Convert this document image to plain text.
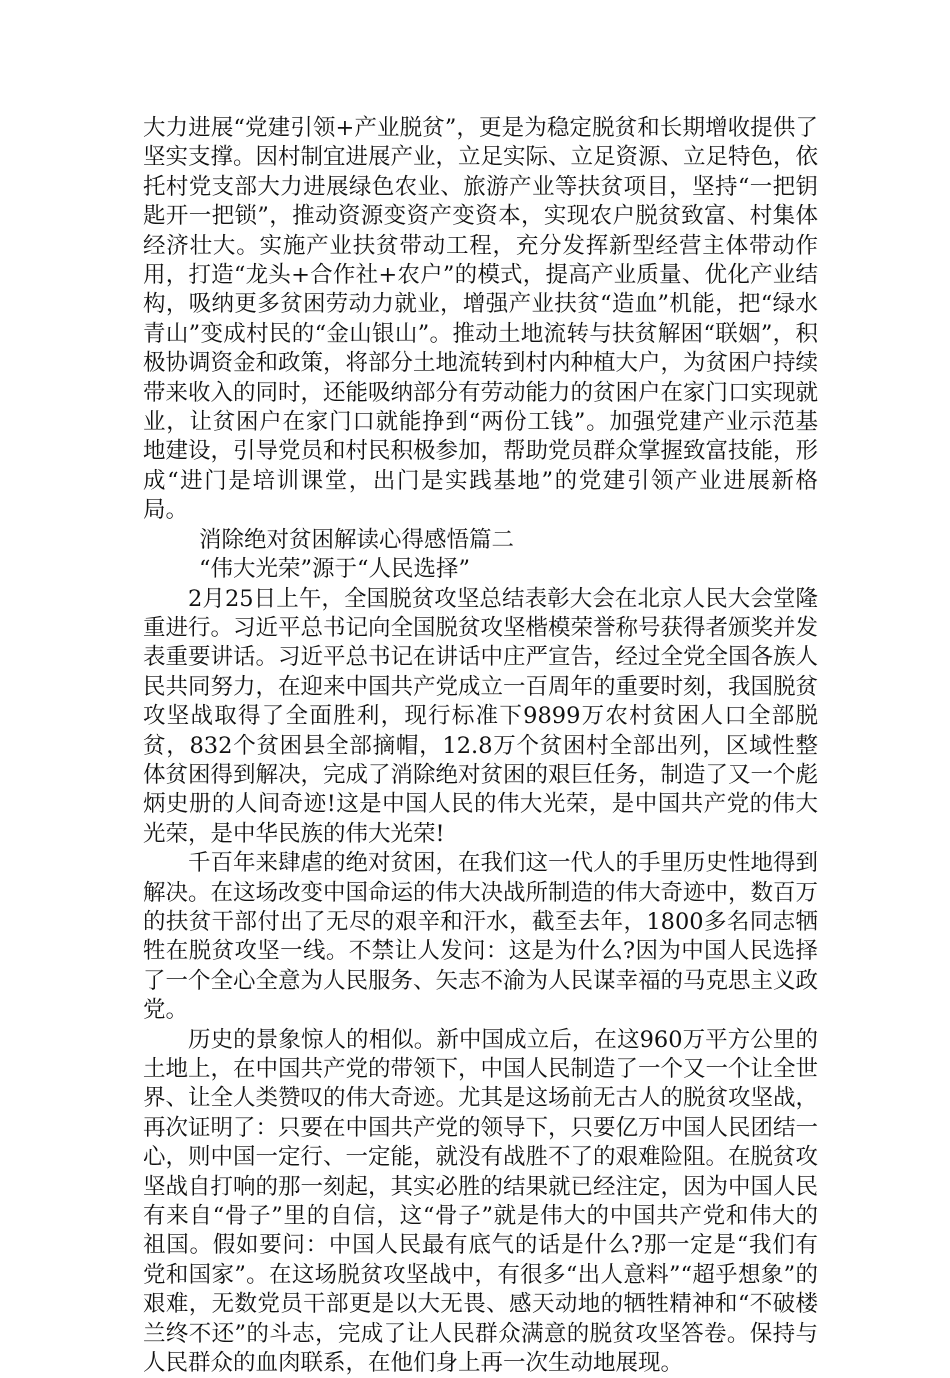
大力进展“党建引领+产业脱贫”，更是为稳定脱贫和长期增收提供了坚实支撑。因村制宜进展产业，立足实际、立足资源、立足特色，依托村党支部大力进展绿色农业、旅游产业等扶贫项目，坚持“一把钥匙开一把锁”，推动资源变资产变资本，实现农户脱贫致富、村集体经济壮大。实施产业扶贫带动工程，充分发挥新型经营主体带动作用，打造“龙头+合作社+农户”的模式，提高产业质量、优化产业结构，吸纳更多贫困劳动力就业，增强产业扶贫“造血”机能，把“绿水青山”变成村民的“金山银山”。推动土地流转与扶贫解困“联姻”，积极协调资金和政策，将部分土地流转到村内种植大户，为贫困户持续带来收入的同时，还能吸纳部分有劳动能力的贫困户在家门口实现就业，让贫困户在家门口就能挣到“两份工钱”。加强党建产业示范基地建设，引导党员和村民积极参加，帮助党员群众掌握致富技能，形成“进门是培训课堂，出门是实践基地”的党建引领产业进展新格局。

消除绝对贫困解读心得感悟篇二

“伟大光荣”源于“人民选择”

2月25日上午，全国脱贫攻坚总结表彰大会在北京人民大会堂隆重进行。习近平总书记向全国脱贫攻坚楷模荣誉称号获得者颁奖并发表重要讲话。习近平总书记在讲话中庄严宣告，经过全党全国各族人民共同努力，在迎来中国共产党成立一百周年的重要时刻，我国脱贫攻坚战取得了全面胜利，现行标准下9899万农村贫困人口全部脱贫，832个贫困县全部摘帽，12.8万个贫困村全部出列，区域性整体贫困得到解决，完成了消除绝对贫困的艰巨任务，制造了又一个彪炳史册的人间奇迹!这是中国人民的伟大光荣，是中国共产党的伟大光荣，是中华民族的伟大光荣!

千百年来肆虐的绝对贫困，在我们这一代人的手里历史性地得到解决。在这场改变中国命运的伟大决战所制造的伟大奇迹中，数百万的扶贫干部付出了无尽的艰辛和汗水，截至去年，1800多名同志牺牲在脱贫攻坚一线。不禁让人发问：这是为什么?因为中国人民选择了一个全心全意为人民服务、矢志不渝为人民谋幸福的马克思主义政党。

历史的景象惊人的相似。新中国成立后，在这960万平方公里的土地上，在中国共产党的带领下，中国人民制造了一个又一个让全世界、让全人类赞叹的伟大奇迹。尤其是这场前无古人的脱贫攻坚战，再次证明了：只要在中国共产党的领导下，只要亿万中国人民团结一心，则中国一定行、一定能，就没有战胜不了的艰难险阻。在脱贫攻坚战自打响的那一刻起，其实必胜的结果就已经注定，因为中国人民有来自“骨子”里的自信，这“骨子”就是伟大的中国共产党和伟大的祖国。假如要问：中国人民最有底气的话是什么?那一定是“我们有党和国家”。在这场脱贫攻坚战中，有很多“出人意料”“超乎想象”的艰难，无数党员干部更是以大无畏、感天动地的牺牲精神和“不破楼兰终不还”的斗志，完成了让人民群众满意的脱贫攻坚答卷。保持与人民群众的血肉联系，在他们身上再一次生动地展现。
